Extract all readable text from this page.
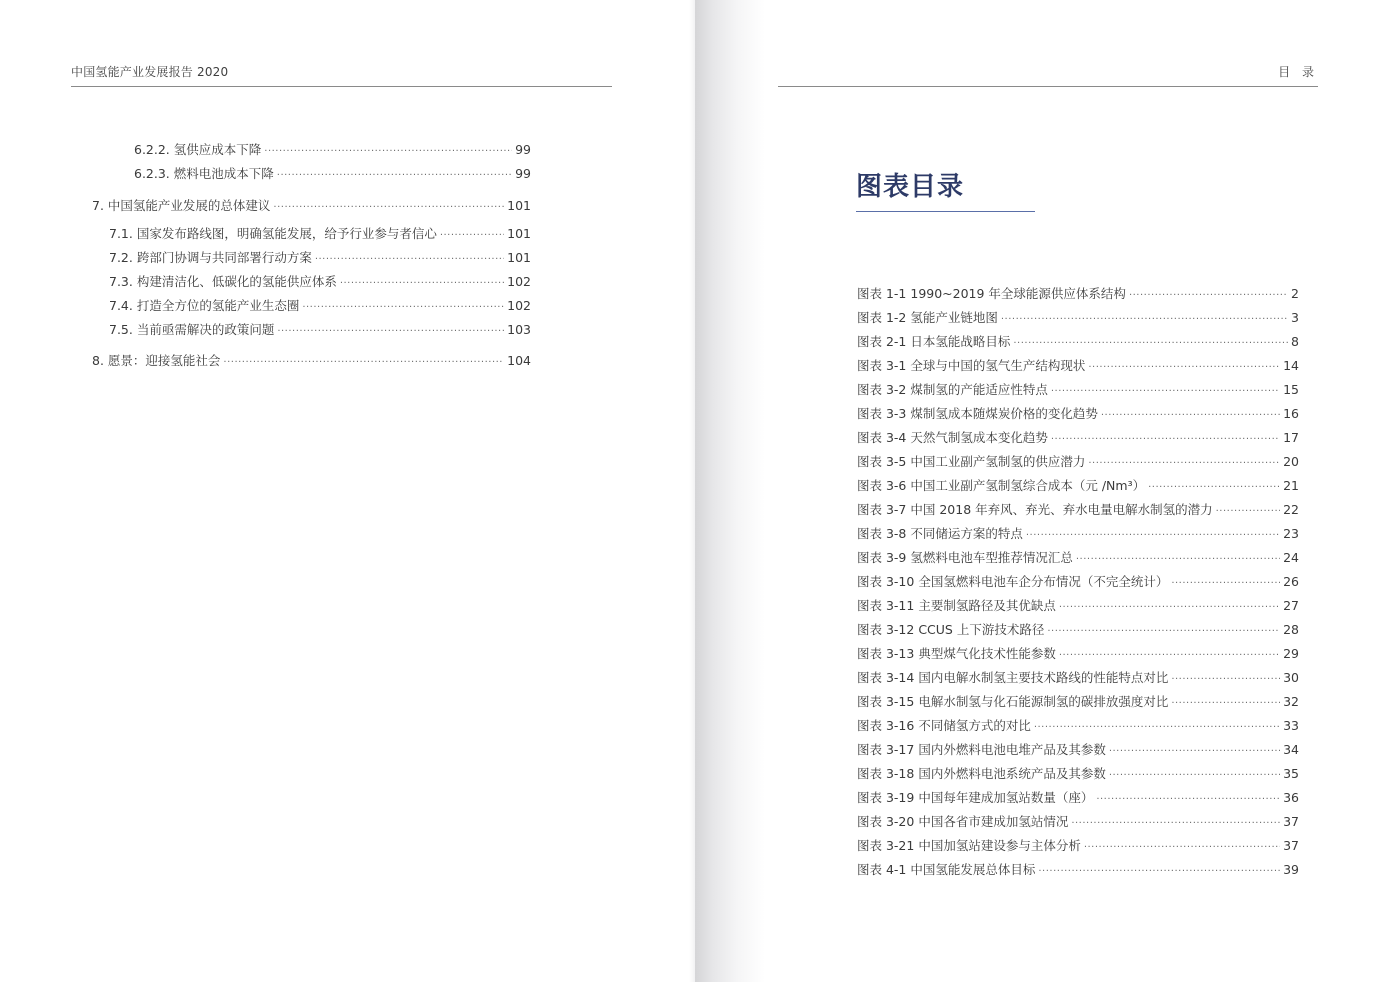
中国氢能产业发展报告 2020
6.2.2. 氢供应成本下降 ·····	99
6.2.3. 燃料电池成本下降 ·····	99
7. 中国氢能产业发展的总体建议 ·····	101
7.1. 国家发布路线图，明确氢能发展，给予行业参与者信心 ·····	101
7.2. 跨部门协调与共同部署行动方案 ·····	101
7.3. 构建清洁化、低碳化的氢能供应体系 ·····	102
7.4. 打造全方位的氢能产业生态圈 ·····	102
7.5. 当前亟需解决的政策问题 ·····	103
8. 愿景：迎接氢能社会 ·····	104
目 录
图表目录
图表 1-1 1990~2019 年全球能源供应体系结构 ·····	2
图表 1-2 氢能产业链地图 ·····	3
图表 2-1 日本氢能战略目标 ·····	8
图表 3-1 全球与中国的氢气生产结构现状 ·····	14
图表 3-2 煤制氢的产能适应性特点 ·····	15
图表 3-3 煤制氢成本随煤炭价格的变化趋势 ·····	16
图表 3-4 天然气制氢成本变化趋势 ·····	17
图表 3-5 中国工业副产氢制氢的供应潜力 ·····	20
图表 3-6 中国工业副产氢制氢综合成本（元 /Nm³） ·····	21
图表 3-7 中国 2018 年弃风、弃光、弃水电量电解水制氢的潜力 ·····	22
图表 3-8 不同储运方案的特点 ·····	23
图表 3-9 氢燃料电池车型推荐情况汇总 ·····	24
图表 3-10 全国氢燃料电池车企分布情况（不完全统计） ·····	26
图表 3-11 主要制氢路径及其优缺点 ·····	27
图表 3-12 CCUS 上下游技术路径 ·····	28
图表 3-13 典型煤气化技术性能参数 ·····	29
图表 3-14 国内电解水制氢主要技术路线的性能特点对比 ·····	30
图表 3-15 电解水制氢与化石能源制氢的碳排放强度对比 ·····	32
图表 3-16 不同储氢方式的对比 ·····	33
图表 3-17 国内外燃料电池电堆产品及其参数 ·····	34
图表 3-18 国内外燃料电池系统产品及其参数 ·····	35
图表 3-19 中国每年建成加氢站数量（座） ·····	36
图表 3-20 中国各省市建成加氢站情况 ·····	37
图表 3-21 中国加氢站建设参与主体分析 ·····	37
图表 4-1 中国氢能发展总体目标 ·····	39
